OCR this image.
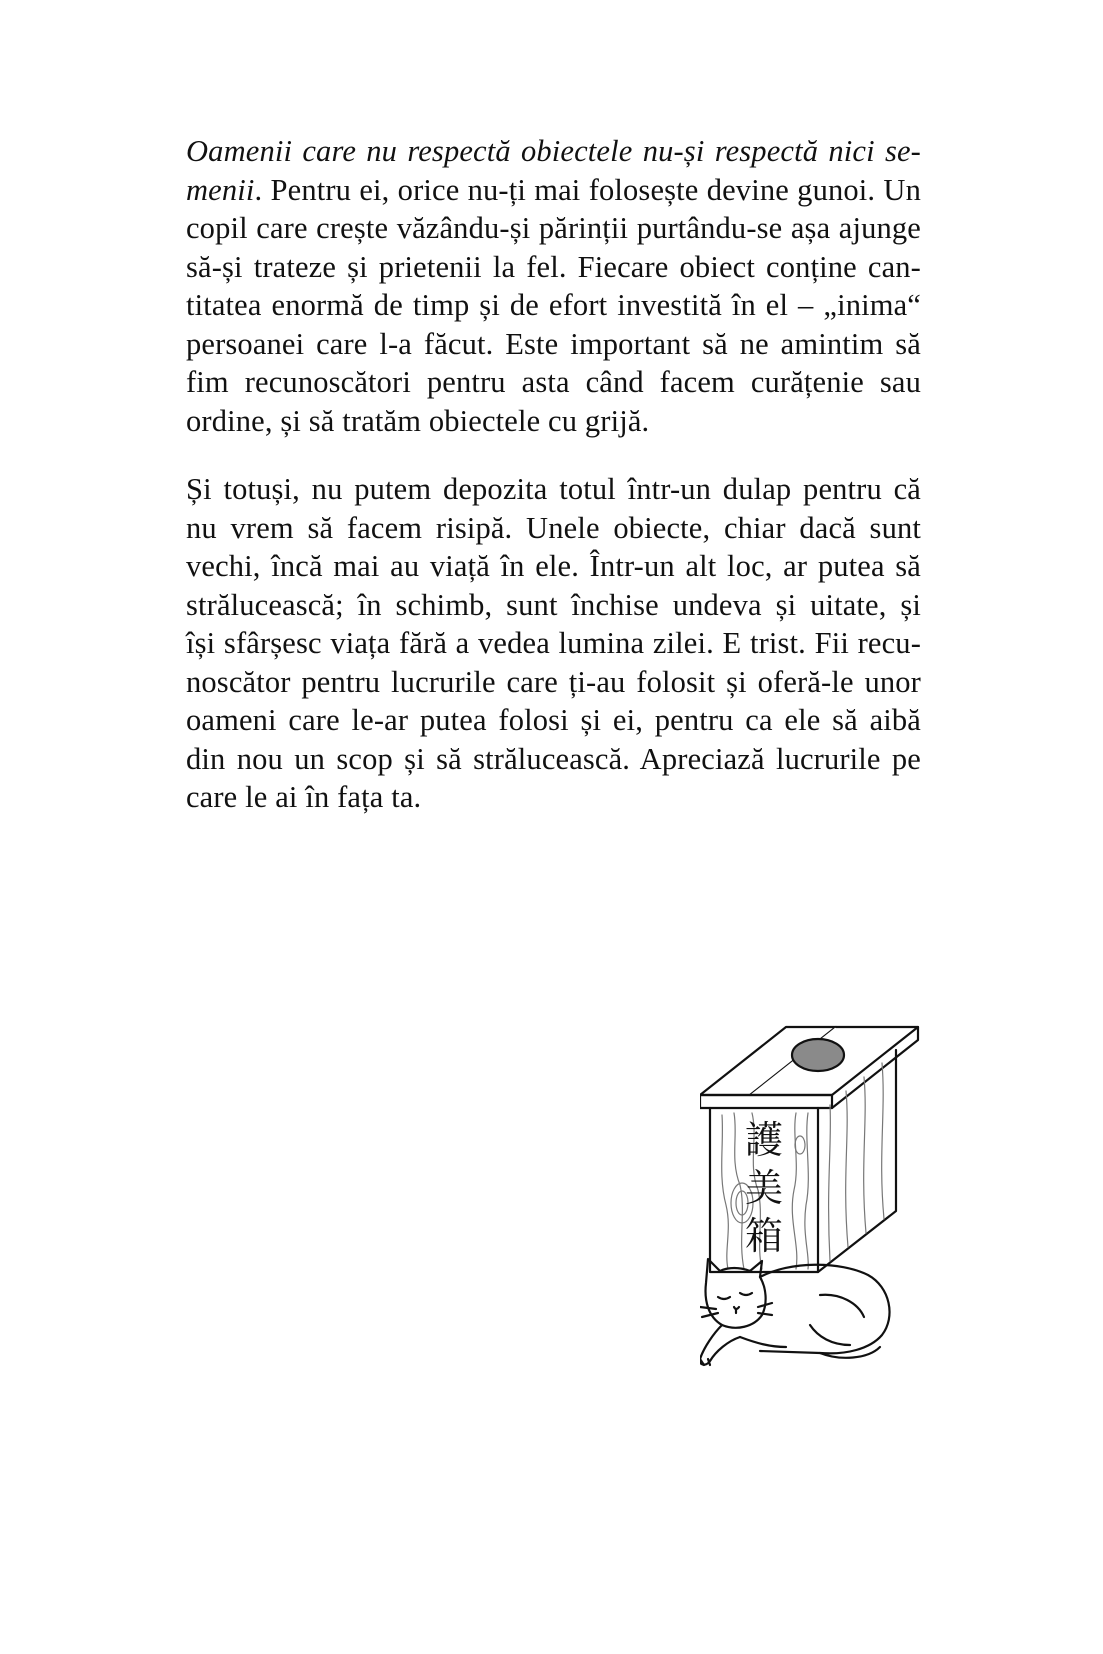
Oamenii care nu respectă obiectele nu-și respectă nici se-
menii. Pentru ei, orice nu-ți mai folosește devine gunoi. Un
copil care crește văzându-și părinții purtându-se așa ajunge
să-și trateze și prietenii la fel. Fiecare obiect conține can-
titatea enormă de timp și de efort investită în el – „inima“
persoanei care l-a făcut. Este important să ne amintim să
fim recunoscători pentru asta când facem curățenie sau
ordine, și să tratăm obiectele cu grijă.
Și totuși, nu putem depozita totul într-un dulap pentru că
nu vrem să facem risipă. Unele obiecte, chiar dacă sunt
vechi, încă mai au viață în ele. Într-un alt loc, ar putea să
strălucească; în schimb, sunt închise undeva și uitate, și
își sfârșesc viața fără a vedea lumina zilei. E trist. Fii recu-
noscător pentru lucrurile care ți-au folosit și oferă-le unor
oameni care le-ar putea folosi și ei, pentru ca ele să aibă
din nou un scop și să strălucească. Apreciază lucrurile pe
care le ai în fața ta.
護
美
箱
